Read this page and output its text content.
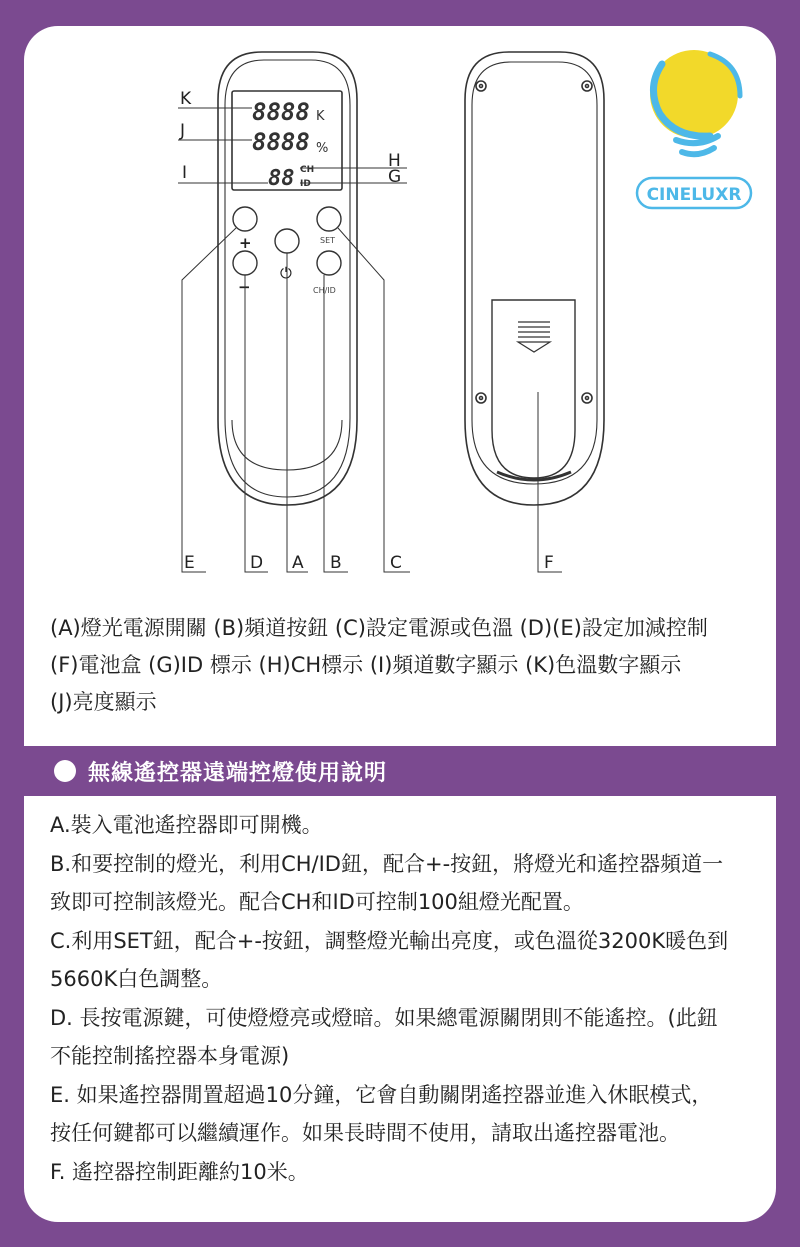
8888 K
8888 %
88 CH
ID
+
−
⏻
SET
CH/ID
K
J
I
H
G
E	D A B	C	F
CINELUXR
(A)燈光電源開關 (B)頻道按鈕 (C)設定電源或色溫 (D)(E)設定加減控制
(F)電池盒 (G)ID 標示 (H)CH標示 (I)頻道數字顯示 (K)色溫數字顯示
(J)亮度顯示
無線遙控器遠端控燈使用說明
A.裝入電池遙控器即可開機。
B.和要控制的燈光，利用CH/ID鈕，配合+-按鈕，將燈光和遙控器頻道一
致即可控制該燈光。配合CH和ID可控制100組燈光配置。
C.利用SET鈕，配合+-按鈕，調整燈光輸出亮度，或色溫從3200K暖色到
5660K白色調整。
D. 長按電源鍵，可使燈燈亮或燈暗。如果總電源關閉則不能遙控。(此鈕
不能控制搖控器本身電源)
E. 如果遙控器閒置超過10分鐘，它會自動關閉遙控器並進入休眠模式，
按任何鍵都可以繼續運作。如果長時間不使用，請取出遙控器電池。
F. 遙控器控制距離約10米。
